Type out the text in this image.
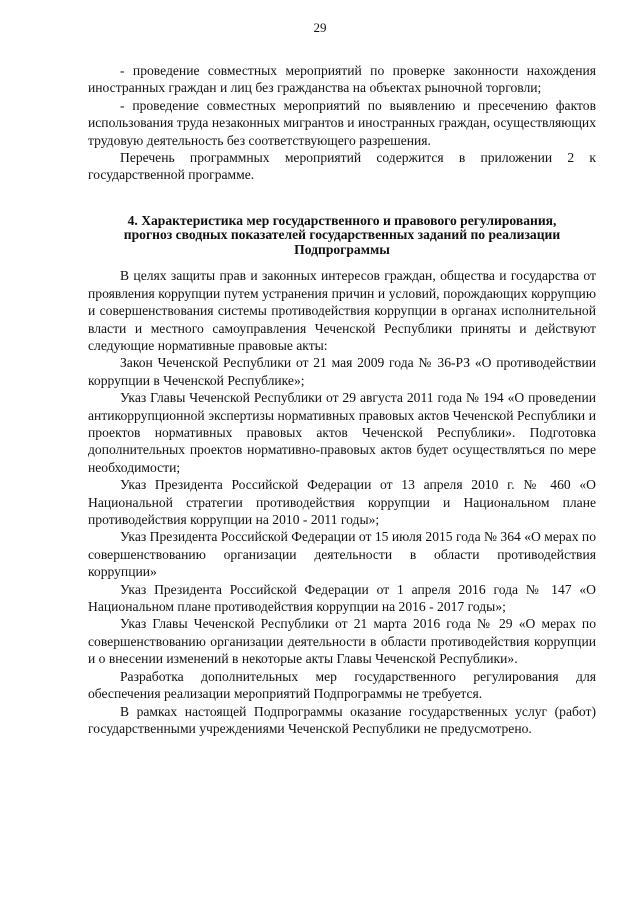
29

- проведение совместных мероприятий по проверке законности нахождения иностранных граждан и лиц без гражданства на объектах рыночной торговли;

- проведение совместных мероприятий по выявлению и пресечению фактов использования труда незаконных мигрантов и иностранных граждан, осуществляющих трудовую деятельность без соответствующего разрешения.

Перечень программных мероприятий содержится в приложении 2 к государственной программе.

4. Характеристика мер государственного и правового регулирования,
прогноз сводных показателей государственных заданий по реализации
Подпрограммы

В целях защиты прав и законных интересов граждан, общества и государства от проявления коррупции путем устранения причин и условий, порождающих коррупцию и совершенствования системы противодействия коррупции в органах исполнительной власти и местного самоуправления Чеченской Республики приняты и действуют следующие нормативные правовые акты:

Закон Чеченской Республики от 21 мая 2009 года № 36-РЗ «О противодействии коррупции в Чеченской Республике»;

Указ Главы Чеченской Республики от 29 августа 2011 года № 194 «О проведении антикоррупционной экспертизы нормативных правовых актов Чеченской Республики и проектов нормативных правовых актов Чеченской Республики». Подготовка дополнительных проектов нормативно-правовых актов будет осуществляться по мере необходимости;

Указ Президента Российской Федерации от 13 апреля 2010 г. № 460 «О Национальной стратегии противодействия коррупции и Национальном плане противодействия коррупции на 2010 - 2011 годы»;

Указ Президента Российской Федерации от 15 июля 2015 года № 364 «О мерах по совершенствованию организации деятельности в области противодействия коррупции»

Указ Президента Российской Федерации от 1 апреля 2016 года № 147 «О Национальном плане противодействия коррупции на 2016 - 2017 годы»;

Указ Главы Чеченской Республики от 21 марта 2016 года № 29 «О мерах по совершенствованию организации деятельности в области противодействия коррупции и о внесении изменений в некоторые акты Главы Чеченской Республики».

Разработка дополнительных мер государственного регулирования для обеспечения реализации мероприятий Подпрограммы не требуется.

В рамках настоящей Подпрограммы оказание государственных услуг (работ) государственными учреждениями Чеченской Республики не предусмотрено.
